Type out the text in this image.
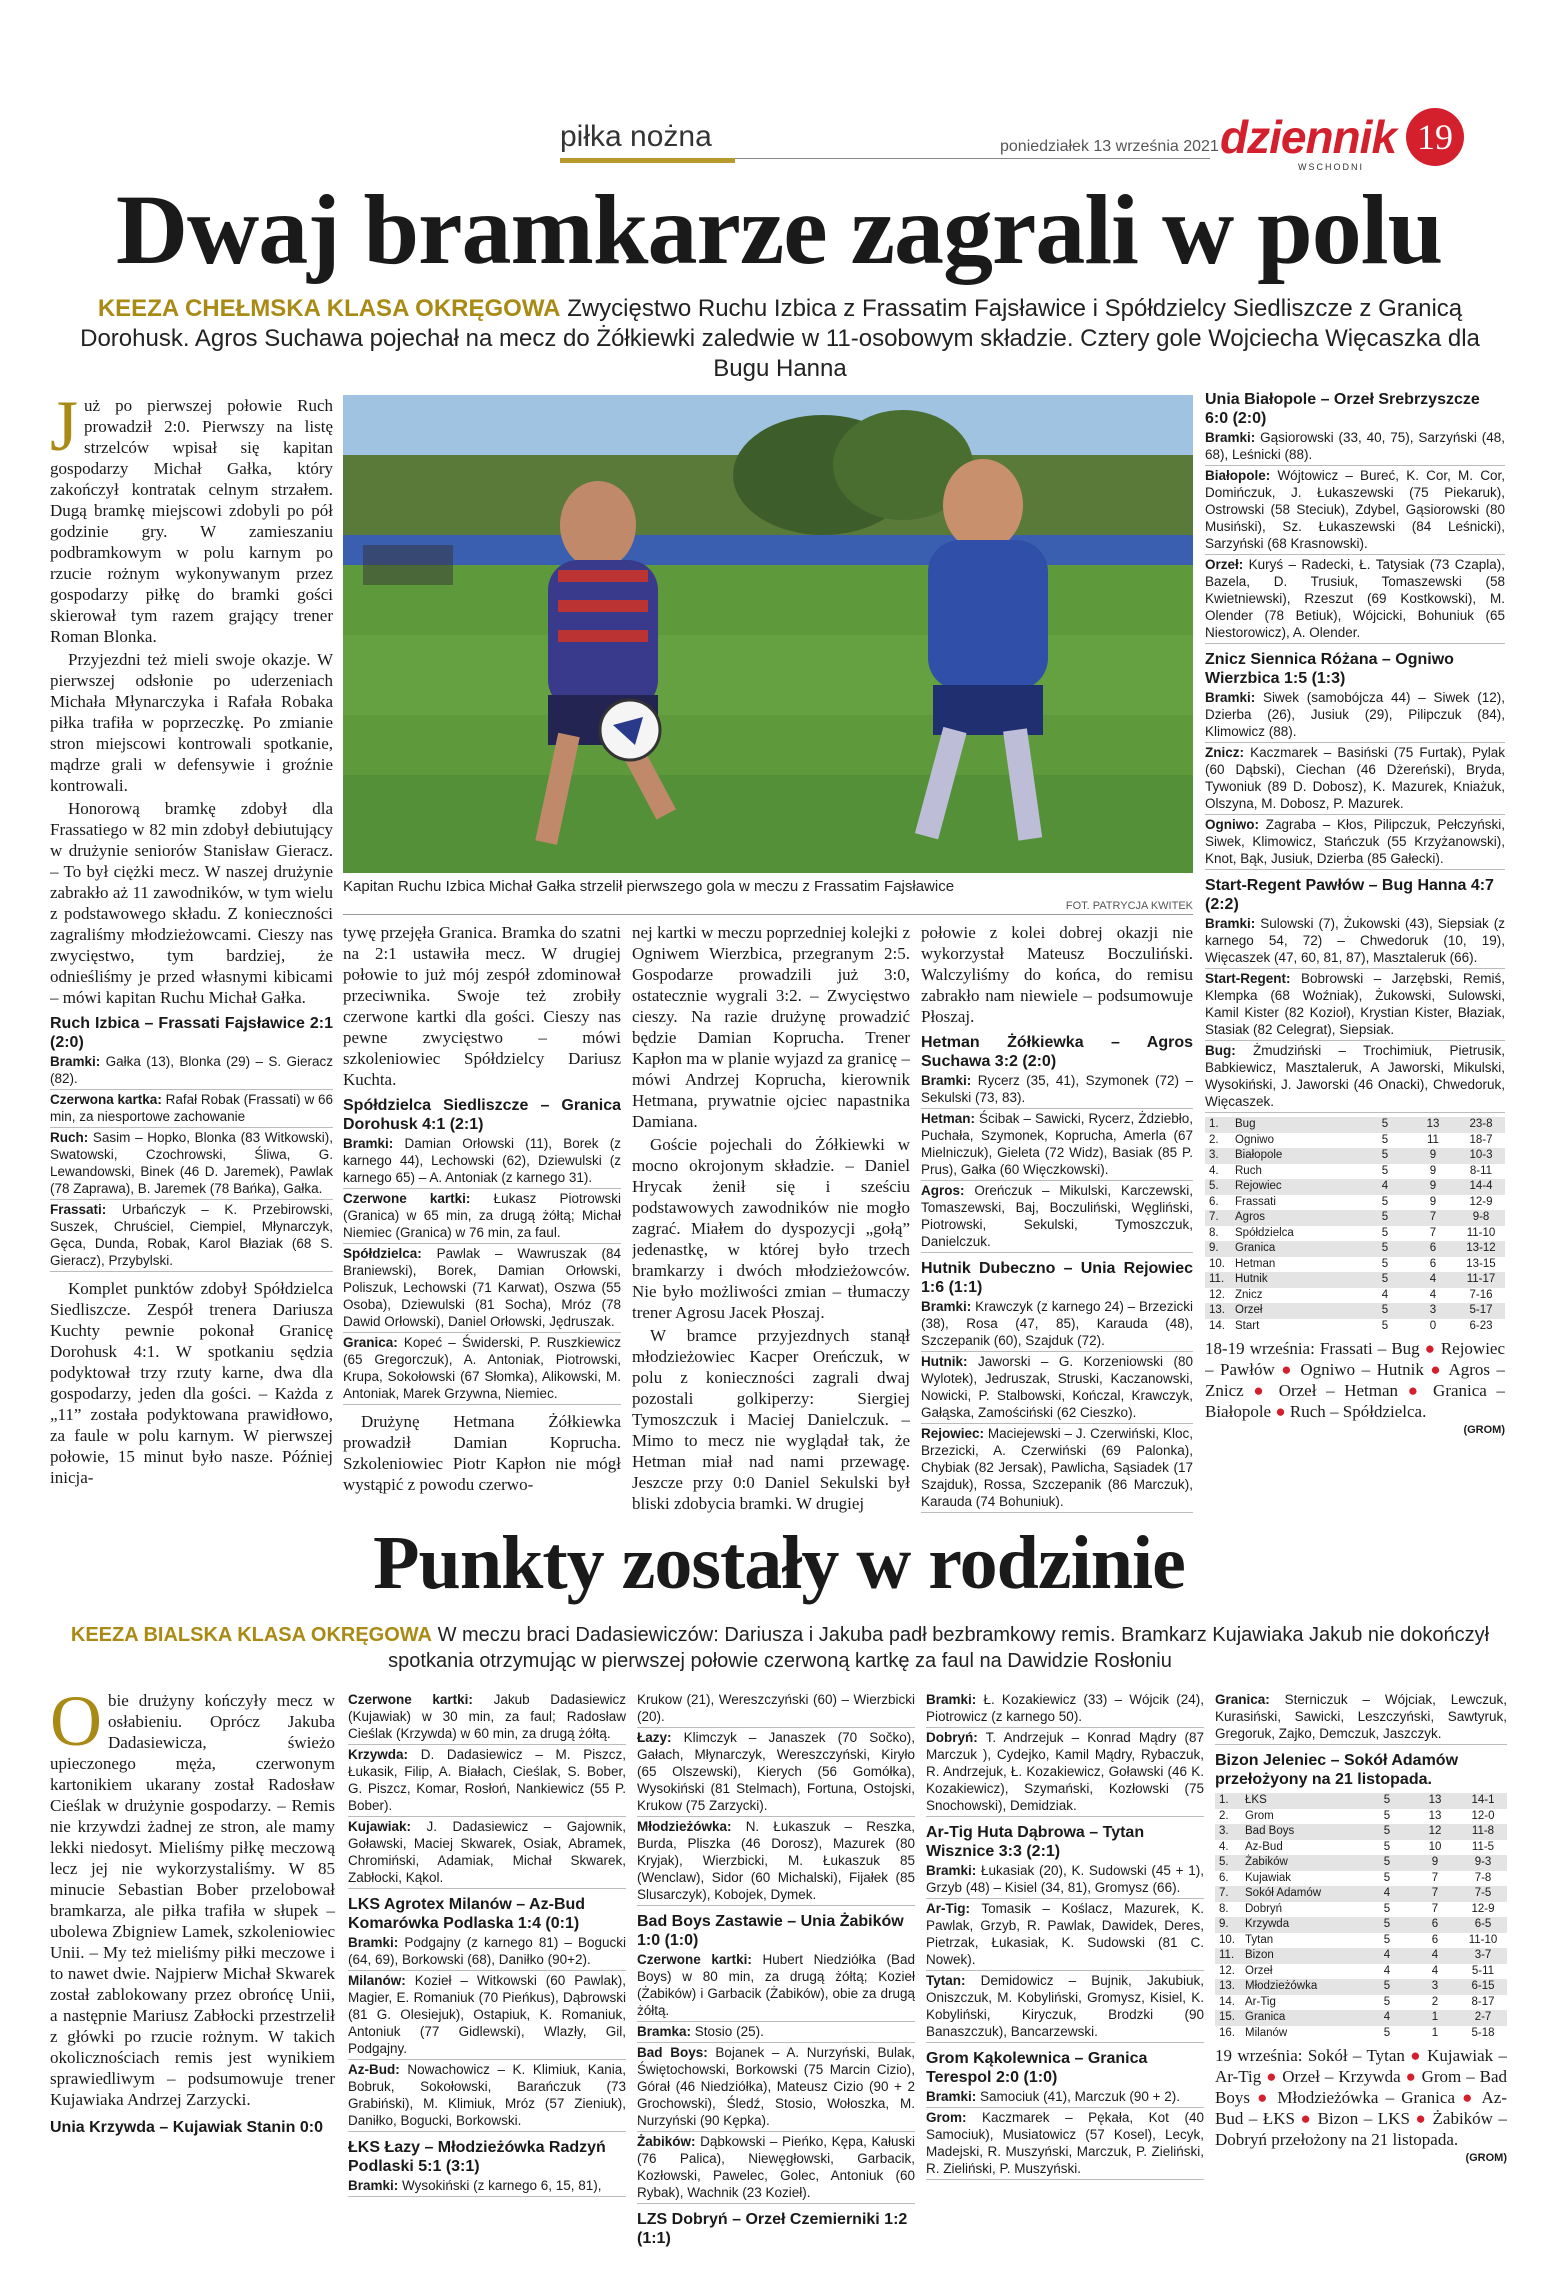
piłka nożna	poniedziałek 13 września 2021 dziennik
WSCHODNI
19
Dwaj bramkarze zagrali w polu
KEEZA CHEŁMSKA KLASA OKRĘGOWA Zwycięstwo Ruchu Izbica z Frassatim Fajsławice i Spółdzielcy Siedliszcze z Granicą Dorohusk. Agros Suchawa pojechał na mecz do Żółkiewki zaledwie w 11-osobowym składzie. Cztery gole Wojciecha Więcaszka dla Bugu Hanna

Już po pierwszej połowie Ruch prowadził 2:0. Pierwszy na listę strzelców wpisał się kapitan gospodarzy Michał Gałka, który zakończył kontratak celnym strzałem. Dugą bramkę miejscowi zdobyli po pół godzinie gry. W zamieszaniu podbramkowym w polu karnym po rzucie rożnym wykonywanym przez gospodarzy piłkę do bramki gości skierował tym razem grający trener Roman Blonka.

Przyjezdni też mieli swoje okazje. W pierwszej odsłonie po uderzeniach Michała Młynarczyka i Rafała Robaka piłka trafiła w poprzeczkę. Po zmianie stron miejscowi kontrowali spotkanie, mądrze grali w defensywie i groźnie kontrowali.

Honorową bramkę zdobył dla Frassatiego w 82 min zdobył debiutujący w drużynie seniorów Stanisław Gieracz. – To był ciężki mecz. W naszej drużynie zabrakło aż 11 zawodników, w tym wielu z podstawowego składu. Z konieczności zagraliśmy młodzieżowcami. Cieszy nas zwycięstwo, tym bardziej, że odnieśliśmy je przed własnymi kibicami – mówi kapitan Ruchu Michał Gałka.

Ruch Izbica – Frassati Fajsławice 2:1 (2:0)
Bramki: Gałka (13), Blonka (29) – S. Gieracz (82).
Czerwona kartka: Rafał Robak (Frassati) w 66 min, za niesportowe zachowanie
Ruch: Sasim – Hopko, Blonka (83 Witkowski), Swatowski, Czochrowski, Śliwa, G. Lewandowski, Binek (46 D. Jaremek), Pawlak (78 Zaprawa), B. Jaremek (78 Bańka), Gałka.
Frassati: Urbańczyk – K. Przebirowski, Suszek, Chruściel, Ciempiel, Młynarczyk, Gęca, Dunda, Robak, Karol Błaziak (68 S. Gieracz), Przybylski.

Komplet punktów zdobył Spółdzielca Siedliszcze. Zespół trenera Dariusza Kuchty pewnie pokonał Granicę Dorohusk 4:1. W spotkaniu sędzia podyktował trzy rzuty karne, dwa dla gospodarzy, jeden dla gości. – Każda z „11” została podyktowana prawidłowo, za faule w polu karnym. W pierwszej połowie, 15 minut było nasze. Później inicja-

Kapitan Ruchu Izbica Michał Gałka strzelił pierwszego gola w meczu z Frassatim Fajsławice
FOT. PATRYCJA KWITEK

tywę przejęła Granica. Bramka do szatni na 2:1 ustawiła mecz. W drugiej połowie to już mój zespół zdominował przeciwnika. Swoje też zrobiły czerwone kartki dla gości. Cieszy nas pewne zwycięstwo – mówi szkoleniowiec Spółdzielcy Dariusz Kuchta.

Spółdzielca Siedliszcze – Granica Dorohusk 4:1 (2:1)
Bramki: Damian Orłowski (11), Borek (z karnego 44), Lechowski (62), Dziewulski (z karnego 65) – A. Antoniak (z karnego 31).
Czerwone kartki: Łukasz Piotrowski (Granica) w 65 min, za drugą żółtą; Michał Niemiec (Granica) w 76 min, za faul.
Spółdzielca: Pawlak – Wawruszak (84 Braniewski), Borek, Damian Orłowski, Poliszuk, Lechowski (71 Karwat), Oszwa (55 Osoba), Dziewulski (81 Socha), Mróz (78 Dawid Orłowski), Daniel Orłowski, Jędruszak.
Granica: Kopeć – Świderski, P. Ruszkiewicz (65 Gregorczuk), A. Antoniak, Piotrowski, Krupa, Sokołowski (67 Słomka), Alikowski, M. Antoniak, Marek Grzywna, Niemiec.

Drużynę Hetmana Żółkiewka prowadził Damian Koprucha. Szkoleniowiec Piotr Kapłon nie mógł wystąpić z powodu czerwo-

nej kartki w meczu poprzedniej kolejki z Ogniwem Wierzbica, przegranym 2:5. Gospodarze prowadzili już 3:0, ostatecznie wygrali 3:2. – Zwycięstwo cieszy. Na razie drużynę prowadzić będzie Damian Koprucha. Trener Kapłon ma w planie wyjazd za granicę – mówi Andrzej Koprucha, kierownik Hetmana, prywatnie ojciec napastnika Damiana.

Goście pojechali do Żółkiewki w mocno okrojonym składzie. – Daniel Hrycak żenił się i sześciu podstawowych zawodników nie mogło zagrać. Miałem do dyspozycji „gołą” jedenastkę, w której było trzech bramkarzy i dwóch młodzieżowców. Nie było możliwości zmian – tłumaczy trener Agrosu Jacek Płoszaj.

W bramce przyjezdnych stanął młodzieżowiec Kacper Oreńczuk, w polu z konieczności zagrali dwaj pozostali golkiperzy: Siergiej Tymoszczuk i Maciej Danielczuk. – Mimo to mecz nie wyglądał tak, że Hetman miał nad nami przewagę. Jeszcze przy 0:0 Daniel Sekulski był bliski zdobycia bramki. W drugiej

połowie z kolei dobrej okazji nie wykorzystał Mateusz Boczuliński. Walczyliśmy do końca, do remisu zabrakło nam niewiele – podsumowuje Płoszaj.

Hetman Żółkiewka – Agros Suchawa 3:2 (2:0)
Bramki: Rycerz (35, 41), Szymonek (72) – Sekulski (73, 83).
Hetman: Ścibak – Sawicki, Rycerz, Żdziebło, Puchała, Szymonek, Koprucha, Amerla (67 Mielniczuk), Gieleta (72 Widz), Basiak (85 P. Prus), Gałka (60 Więczkowski).
Agros: Oreńczuk – Mikulski, Karczewski, Tomaszewski, Baj, Boczuliński, Węgliński, Piotrowski, Sekulski, Tymoszczuk, Danielczuk.
Hutnik Dubeczno – Unia Rejowiec 1:6 (1:1)
Bramki: Krawczyk (z karnego 24) – Brzezicki (38), Rosa (47, 85), Karauda (48), Szczepanik (60), Szajduk (72).
Hutnik: Jaworski – G. Korzeniowski (80 Wylotek), Jedruszak, Struski, Kaczanowski, Nowicki, P. Stalbowski, Kończal, Krawczyk, Gałąska, Zamościński (62 Cieszko).
Rejowiec: Maciejewski – J. Czerwiński, Kloc, Brzezicki, A. Czerwiński (69 Palonka), Chybiak (82 Jersak), Pawlicha, Sąsiadek (17 Szajduk), Rossa, Szczepanik (86 Marczuk), Karauda (74 Bohuniuk).
Unia Białopole – Orzeł Srebrzyszcze 6:0 (2:0)
Bramki: Gąsiorowski (33, 40, 75), Sarzyński (48, 68), Leśnicki (88).
Białopole: Wójtowicz – Bureć, K. Cor, M. Cor, Domińczuk, J. Łukaszewski (75 Piekaruk), Ostrowski (58 Steciuk), Zdybel, Gąsiorowski (80 Musiński), Sz. Łukaszewski (84 Leśnicki), Sarzyński (68 Krasnowski).
Orzeł: Kuryś – Radecki, Ł. Tatysiak (73 Czapla), Bazela, D. Trusiuk, Tomaszewski (58 Kwietniewski), Rzeszut (69 Kostkowski), M. Olender (78 Betiuk), Wójcicki, Bohuniuk (65 Niestorowicz), A. Olender.
Znicz Siennica Różana – Ogniwo Wierzbica 1:5 (1:3)
Bramki: Siwek (samobójcza 44) – Siwek (12), Dzierba (26), Jusiuk (29), Pilipczuk (84), Klimowicz (88).
Znicz: Kaczmarek – Basiński (75 Furtak), Pylak (60 Dąbski), Ciechan (46 Dżereński), Bryda, Tywoniuk (89 D. Dobosz), K. Mazurek, Kniażuk, Olszyna, M. Dobosz, P. Mazurek.
Ogniwo: Zagraba – Kłos, Pilipczuk, Pełczyński, Siwek, Klimowicz, Stańczuk (55 Krzyżanowski), Knot, Bąk, Jusiuk, Dzierba (85 Gałecki).
Start-Regent Pawłów – Bug Hanna 4:7 (2:2)
Bramki: Sulowski (7), Żukowski (43), Siepsiak (z karnego 54, 72) – Chwedoruk (10, 19), Więcaszek (47, 60, 81, 87), Masztaleruk (66).
Start-Regent: Bobrowski – Jarzębski, Remiś, Klempka (68 Woźniak), Żukowski, Sulowski, Kamil Kister (82 Kozioł), Krystian Kister, Błaziak, Stasiak (82 Celegrat), Siepsiak.
Bug: Żmudziński – Trochimiuk, Pietrusik, Babkiewicz, Masztaleruk, A Jaworski, Mikulski, Wysokiński, J. Jaworski (46 Onacki), Chwedoruk, Więcaszek.
1.	Bug	5	13	23-8
2.	Ogniwo	5	11	18-7
3.	Białopole	5	9	10-3
4.	Ruch	5	9	8-11
5.	Rejowiec	4	9	14-4
6.	Frassati	5	9	12-9
7.	Agros	5	7	9-8
8.	Spółdzielca	5	7	11-10
9.	Granica	5	6	13-12
10.	Hetman	5	6	13-15
11.	Hutnik	5	4	11-17
12.	Znicz	4	4	7-16
13.	Orzeł	5	3	5-17
14.	Start	5	0	6-23
18-19 września: Frassati – Bug ● Rejowiec – Pawłów ● Ogniwo – Hutnik ● Agros – Znicz ● Orzeł – Hetman ● Granica – Białopole ● Ruch – Spółdzielca.
(GROM)
Punkty zostały w rodzinie
KEEZA BIALSKA KLASA OKRĘGOWA W meczu braci Dadasiewiczów: Dariusza i Jakuba padł bezbramkowy remis. Bramkarz Kujawiaka Jakub nie dokończył spotkania otrzymując w pierwszej połowie czerwoną kartkę za faul na Dawidzie Rosłoniu

Obie drużyny kończyły mecz w osłabieniu. Oprócz Jakuba Dadasiewicza, świeżo upieczonego męża, czerwonym kartonikiem ukarany został Radosław Cieślak w drużynie gospodarzy. – Remis nie krzywdzi żadnej ze stron, ale mamy lekki niedosyt. Mieliśmy piłkę meczową lecz jej nie wykorzystaliśmy. W 85 minucie Sebastian Bober przelobował bramkarza, ale piłka trafiła w słupek – ubolewa Zbigniew Lamek, szkoleniowiec Unii. – My też mieliśmy piłki meczowe i to nawet dwie. Najpierw Michał Skwarek został zablokowany przez obrońcę Unii, a następnie Mariusz Zabłocki przestrzelił z główki po rzucie rożnym. W takich okolicznościach remis jest wynikiem sprawiedliwym – podsumowuje trener Kujawiaka Andrzej Zarzycki.

Unia Krzywda – Kujawiak Stanin 0:0
Czerwone kartki: Jakub Dadasiewicz (Kujawiak) w 30 min, za faul; Radosław Cieślak (Krzywda) w 60 min, za drugą żółtą.
Krzywda: D. Dadasiewicz – M. Piszcz, Łukasik, Filip, A. Białach, Cieślak, S. Bober, G. Piszcz, Komar, Rosłoń, Nankiewicz (55 P. Bober).
Kujawiak: J. Dadasiewicz – Gajownik, Goławski, Maciej Skwarek, Osiak, Abramek, Chromiński, Adamiak, Michał Skwarek, Zabłocki, Kąkol.
LKS Agrotex Milanów – Az-Bud Komarówka Podlaska 1:4 (0:1)
Bramki: Podgajny (z karnego 81) – Bogucki (64, 69), Borkowski (68), Daniłko (90+2).
Milanów: Kozieł – Witkowski (60 Pawlak), Magier, E. Romaniuk (70 Pieńkus), Dąbrowski (81 G. Olesiejuk), Ostapiuk, K. Romaniuk, Antoniuk (77 Gidlewski), Wlazły, Gil, Podgajny.
Az-Bud: Nowachowicz – K. Klimiuk, Kania, Bobruk, Sokołowski, Barańczuk (73 Grabiński), M. Klimiuk, Mróz (57 Zieniuk), Daniłko, Bogucki, Borkowski.
ŁKS Łazy – Młodzieżówka Radzyń Podlaski 5:1 (3:1)
Bramki: Wysokiński (z karnego 6, 15, 81),
Krukow (21), Wereszczyński (60) – Wierzbicki (20).
Łazy: Klimczyk – Janaszek (70 Sočko), Gałach, Młynarczyk, Wereszczyński, Kiryło (65 Olszewski), Kierych (56 Gomółka), Wysokiński (81 Stelmach), Fortuna, Ostojski, Krukow (75 Zarzycki).
Młodzieżówka: N. Łukaszuk – Reszka, Burda, Pliszka (46 Dorosz), Mazurek (80 Kryjak), Wierzbicki, M. Łukaszuk 85 (Wenclaw), Sidor (60 Michalski), Fijałek (85 Slusarczyk), Kobojek, Dymek.
Bad Boys Zastawie – Unia Żabików 1:0 (1:0)
Czerwone kartki: Hubert Niedziółka (Bad Boys) w 80 min, za drugą żółtą; Kozieł (Żabików) i Garbacik (Żabików), obie za drugą żółtą.
Bramka: Stosio (25).
Bad Boys: Bojanek – A. Nurzyński, Bulak, Świętochowski, Borkowski (75 Marcin Cizio), Górał (46 Niedziółka), Mateusz Cizio (90 + 2 Grochowski), Śledź, Stosio, Wołoszka, M. Nurzyński (90 Kępka).
Żabików: Dąbkowski – Pieńko, Kępa, Kałuski (76 Palica), Niewęgłowski, Garbacik, Kozłowski, Pawelec, Golec, Antoniuk (60 Rybak), Wachnik (23 Kozieł).
LZS Dobryń – Orzeł Czemierniki 1:2 (1:1)
Bramki: Ł. Kozakiewicz (33) – Wójcik (24), Piotrowicz (z karnego 50).
Dobryń: T. Andrzejuk – Konrad Mądry (87 Marczuk ), Cydejko, Kamil Mądry, Rybaczuk, R. Andrzejuk, Ł. Kozakiewicz, Goławski (46 K. Kozakiewicz), Szymański, Kozłowski (75 Snochowski), Demidziak.
Ar-Tig Huta Dąbrowa – Tytan Wisznice 3:3 (2:1)
Bramki: Łukasiak (20), K. Sudowski (45 + 1), Grzyb (48) – Kisiel (34, 81), Gromysz (66).
Ar-Tig: Tomasik – Koślacz, Mazurek, K. Pawlak, Grzyb, R. Pawlak, Dawidek, Deres, Pietrzak, Łukasiak, K. Sudowski (81 C. Nowek).
Tytan: Demidowicz – Bujnik, Jakubiuk, Oniszczuk, M. Kobyliński, Gromysz, Kisiel, K. Kobyliński, Kiryczuk, Brodzki (90 Banaszczuk), Bancarzewski.
Grom Kąkolewnica – Granica Terespol 2:0 (1:0)
Bramki: Samociuk (41), Marczuk (90 + 2).
Grom: Kaczmarek – Pękała, Kot (40 Samociuk), Musiatowicz (57 Kosel), Lecyk, Madejski, R. Muszyński, Marczuk, P. Zieliński, R. Zieliński, P. Muszyński.
Granica: Sterniczuk – Wójciak, Lewczuk, Kurasiński, Sawicki, Leszczyński, Sawtyruk, Gregoruk, Zajko, Demczuk, Jaszczyk.
Bizon Jeleniec – Sokół Adamów przełożyony na 21 listopada.
1.	ŁKS	5	13	14-1
2.	Grom	5	13	12-0
3.	Bad Boys	5	12	11-8
4.	Az-Bud	5	10	11-5
5.	Żabików	5	9	9-3
6.	Kujawiak	5	7	7-8
7.	Sokół Adamów	4	7	7-5
8.	Dobryń	5	7	12-9
9.	Krzywda	5	6	6-5
10.	Tytan	5	6	11-10
11.	Bizon	4	4	3-7
12.	Orzeł	4	4	5-11
13.	Młodzieżówka	5	3	6-15
14.	Ar-Tig	5	2	8-17
15.	Granica	4	1	2-7
16.	Milanów	5	1	5-18
19 września: Sokół – Tytan ● Kujawiak – Ar-Tig ● Orzeł – Krzywda ● Grom – Bad Boys ● Młodzieżówka – Granica ● Az-Bud – ŁKS ● Bizon – LKS ● Żabików – Dobryń przełożony na 21 listopada.
(GROM)
